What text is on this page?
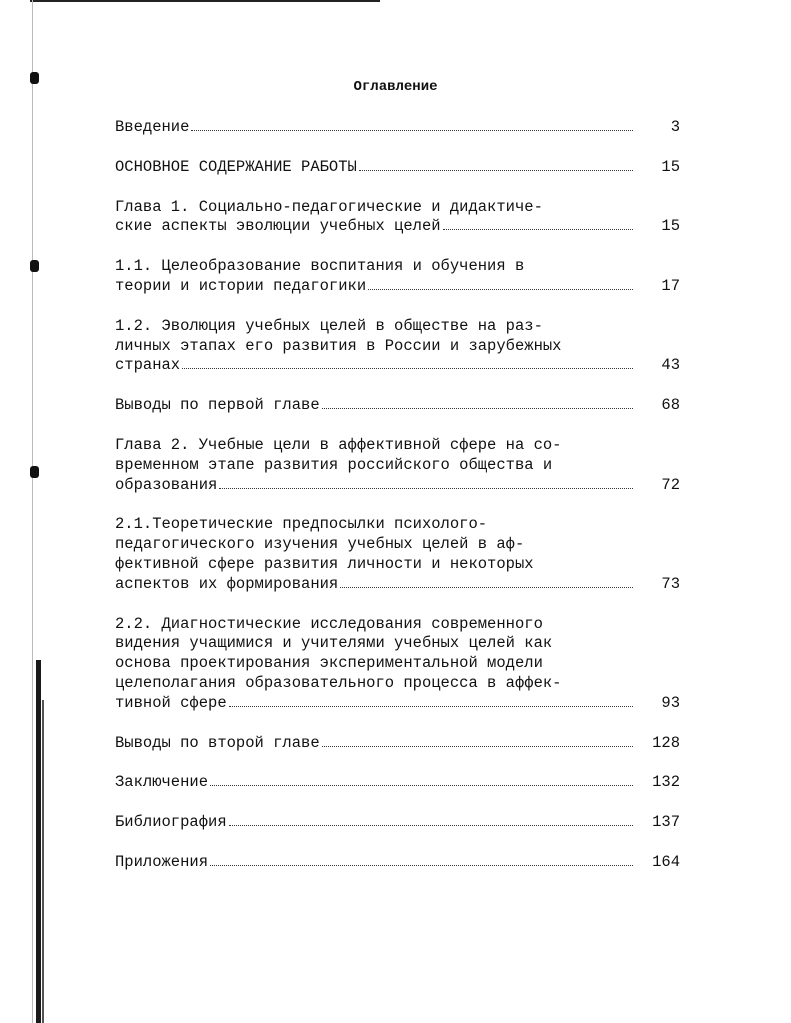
Оглавление
Введение	3
ОСНОВНОЕ СОДЕРЖАНИЕ РАБОТЫ	15
Глава 1. Социально-педагогические и дидактиче-
ские аспекты эволюции учебных целей	15
1.1. Целеобразование воспитания и обучения в
теории и истории педагогики	17
1.2. Эволюция учебных целей в обществе на раз-
личных этапах его развития в России и зарубежных
странах	43
Выводы по первой главе	68
Глава 2. Учебные цели в аффективной сфере на со-
временном этапе развития российского общества и
образования	72
2.1.Теоретические предпосылки психолого-
педагогического изучения учебных целей в аф-
фективной сфере развития личности и некоторых
аспектов их формирования	73
2.2. Диагностические исследования современного
видения учащимися и учителями учебных целей как
основа проектирования экспериментальной модели
целеполагания образовательного процесса в аффек-
тивной сфере	93
Выводы по второй главе	128
Заключение	132
Библиография	137
Приложения	164
